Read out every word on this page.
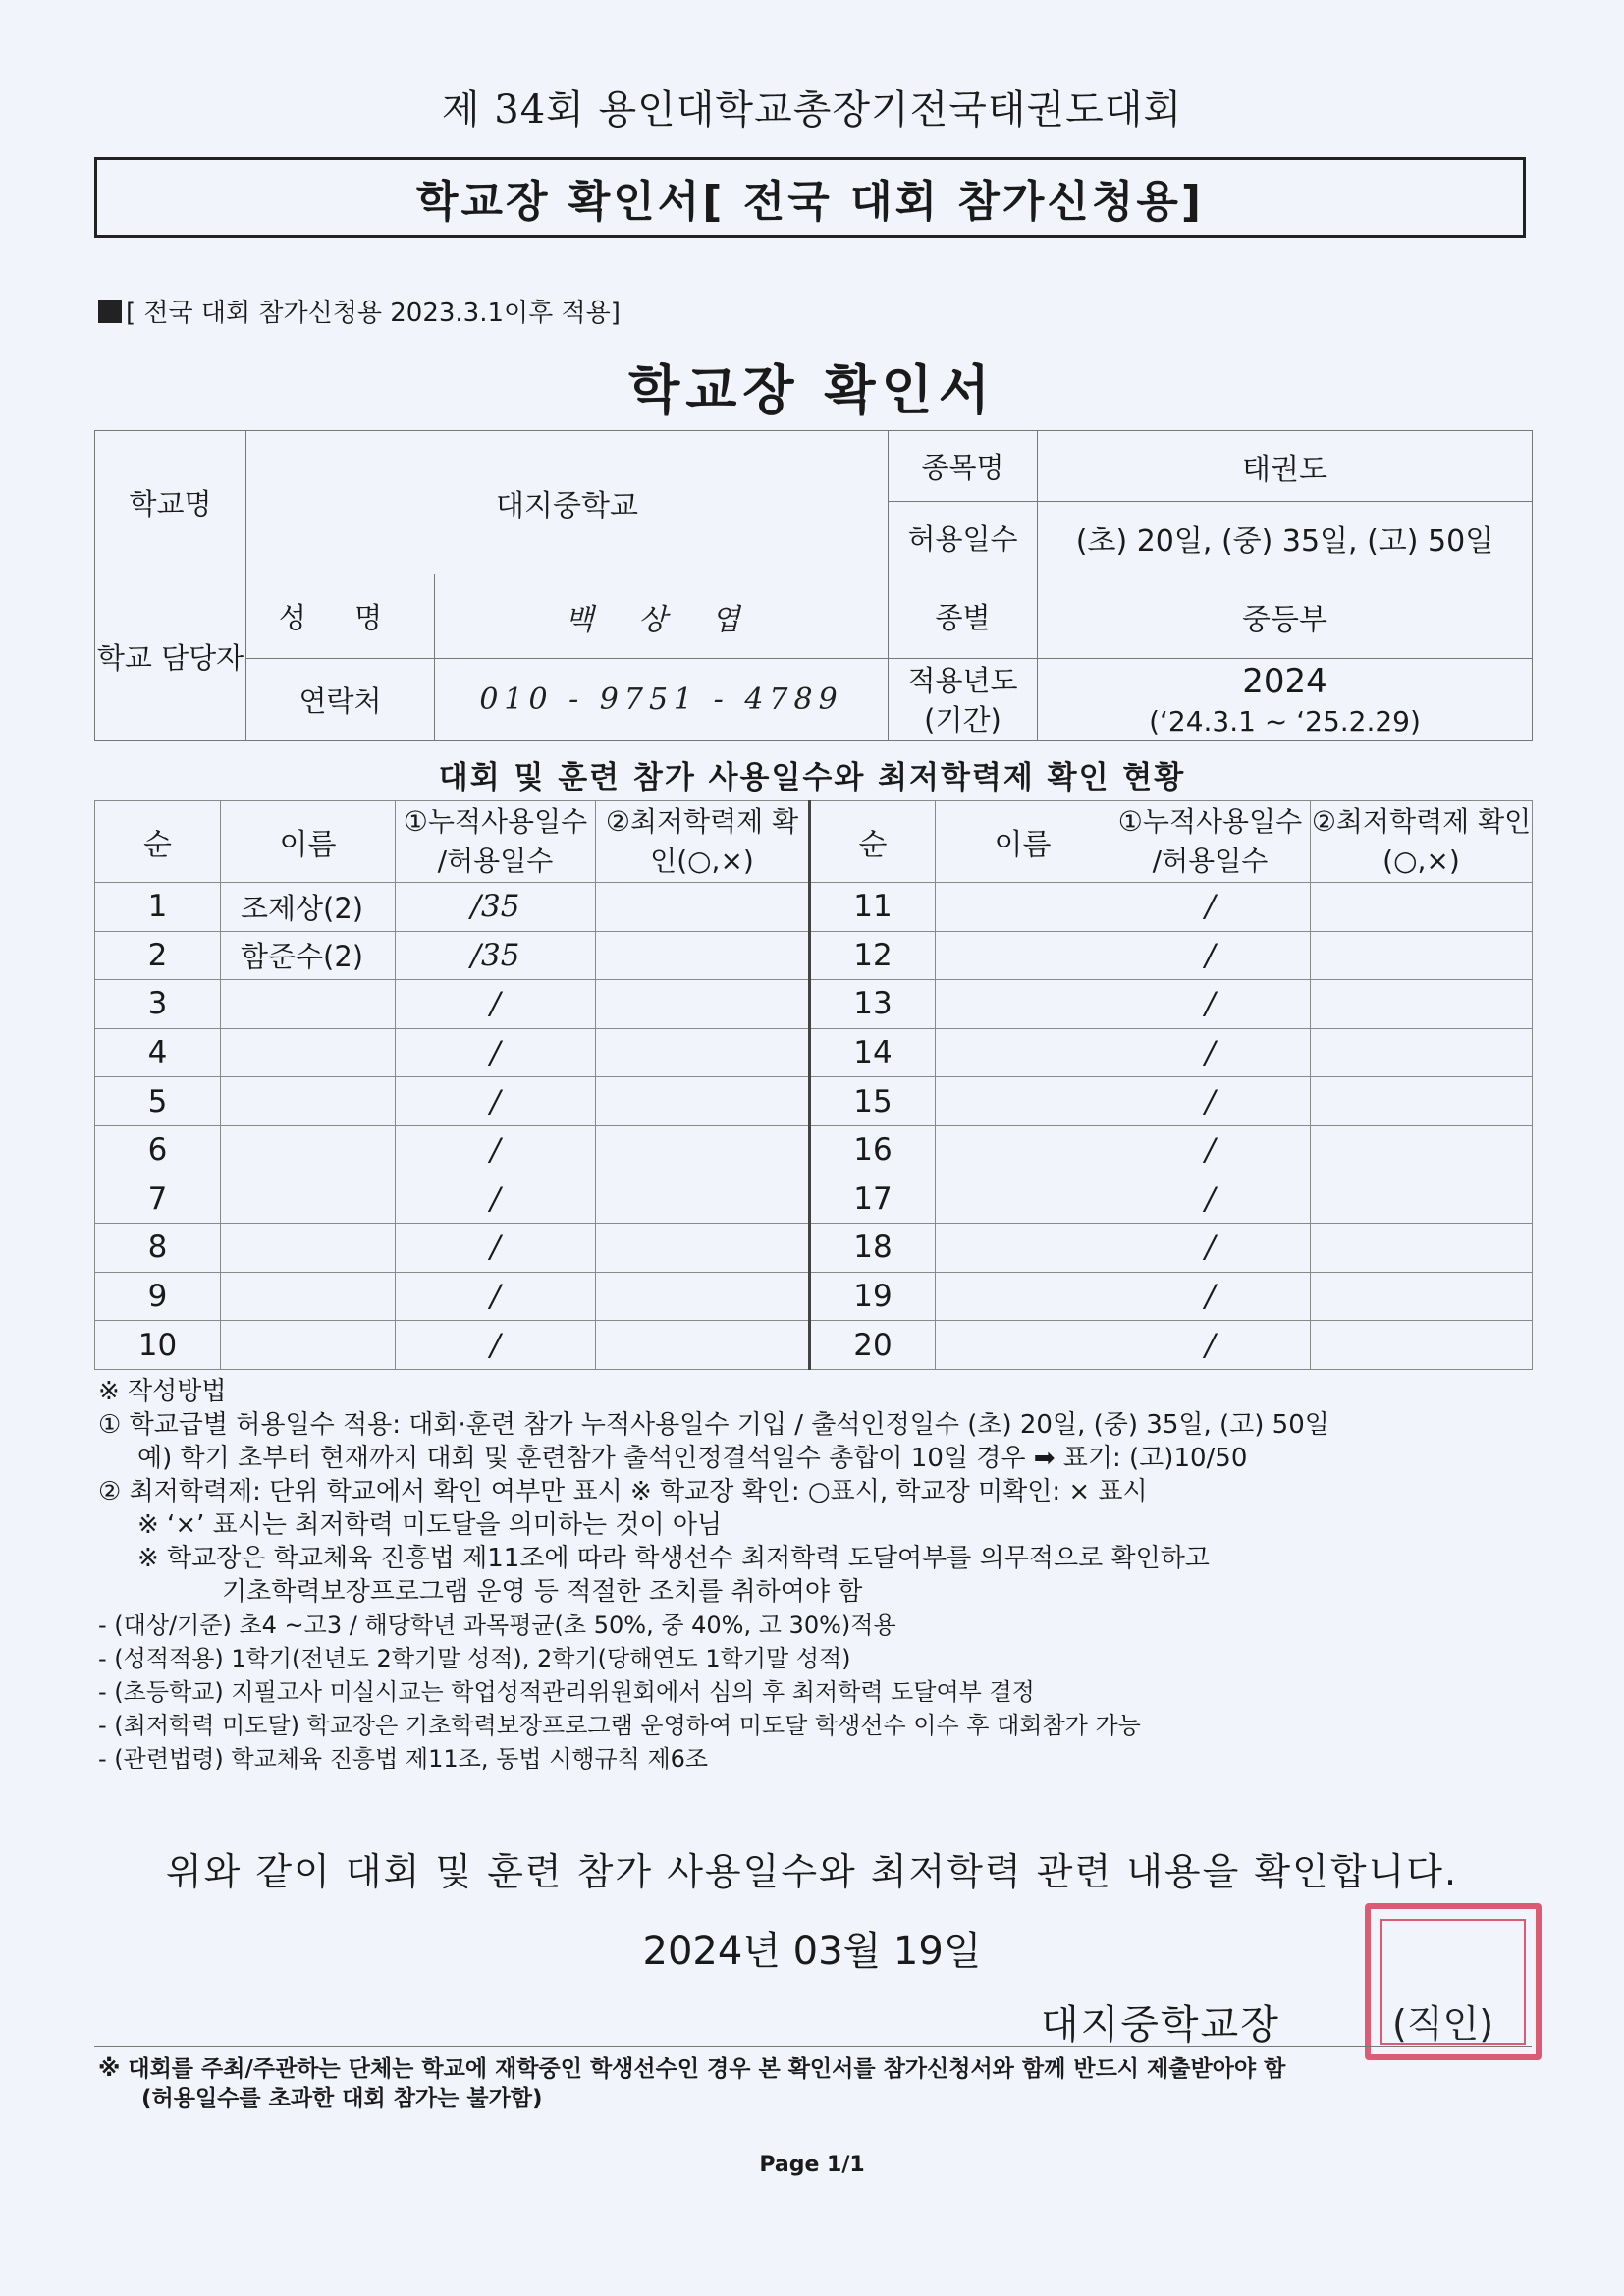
제 34회 용인대학교총장기전국태권도대회
학교장 확인서[ 전국 대회 참가신청용]
[ 전국 대회 참가신청용 2023.3.1이후 적용]
학교장 확인서
학교명	대지중학교		종목명	태권도
			허용일수	(초) 20일, (중) 35일, (고) 50일
학교 담당자	성 명	백 상 엽	종별	중등부
	연락처	010 - 9751 - 4789	적용년도 (기간)	2024
(‘24.3.1 ~ ‘25.2.29)
대회 및 훈련 참가 사용일수와 최저학력제 확인 현황
순	이름	①누적사용일수 /허용일수	②최저학력제 확인(○,×)	순	이름	①누적사용일수 /허용일수	②최저학력제 확인(○,×)
1	조제상(2)	/35		11		/	
2	함준수(2)	/35		12		/	
3		/		13		/	
4		/		14		/	
5		/		15		/	
6		/		16		/	
7		/		17		/	
8		/		18		/	
9		/		19		/	
10		/		20		/	
※ 작성방법
① 학교급별 허용일수 적용: 대회·훈련 참가 누적사용일수 기입 / 출석인정일수 (초) 20일, (중) 35일, (고) 50일
예) 학기 초부터 현재까지 대회 및 훈련참가 출석인정결석일수 총합이 10일 경우 ➡ 표기: (고)10/50
② 최저학력제: 단위 학교에서 확인 여부만 표시 ※ 학교장 확인: ○표시, 학교장 미확인: × 표시
※ ‘×’ 표시는 최저학력 미도달을 의미하는 것이 아님
※ 학교장은 학교체육 진흥법 제11조에 따라 학생선수 최저학력 도달여부를 의무적으로 확인하고
기초학력보장프로그램 운영 등 적절한 조치를 취하여야 함
- (대상/기준) 초4 ~고3 / 해당학년 과목평균(초 50%, 중 40%, 고 30%)적용
- (성적적용) 1학기(전년도 2학기말 성적), 2학기(당해연도 1학기말 성적)
- (초등학교) 지필고사 미실시교는 학업성적관리위원회에서 심의 후 최저학력 도달여부 결정
- (최저학력 미도달) 학교장은 기초학력보장프로그램 운영하여 미도달 학생선수 이수 후 대회참가 가능
- (관련법령) 학교체육 진흥법 제11조, 동법 시행규칙 제6조
위와 같이 대회 및 훈련 참가 사용일수와 최저학력 관련 내용을 확인합니다.
2024년 03월 19일
대지중학교장	(직인)
※ 대회를 주최/주관하는 단체는 학교에 재학중인 학생선수인 경우 본 확인서를 참가신청서와 함께 반드시 제출받아야 함
(허용일수를 초과한 대회 참가는 불가함)
Page 1/1
